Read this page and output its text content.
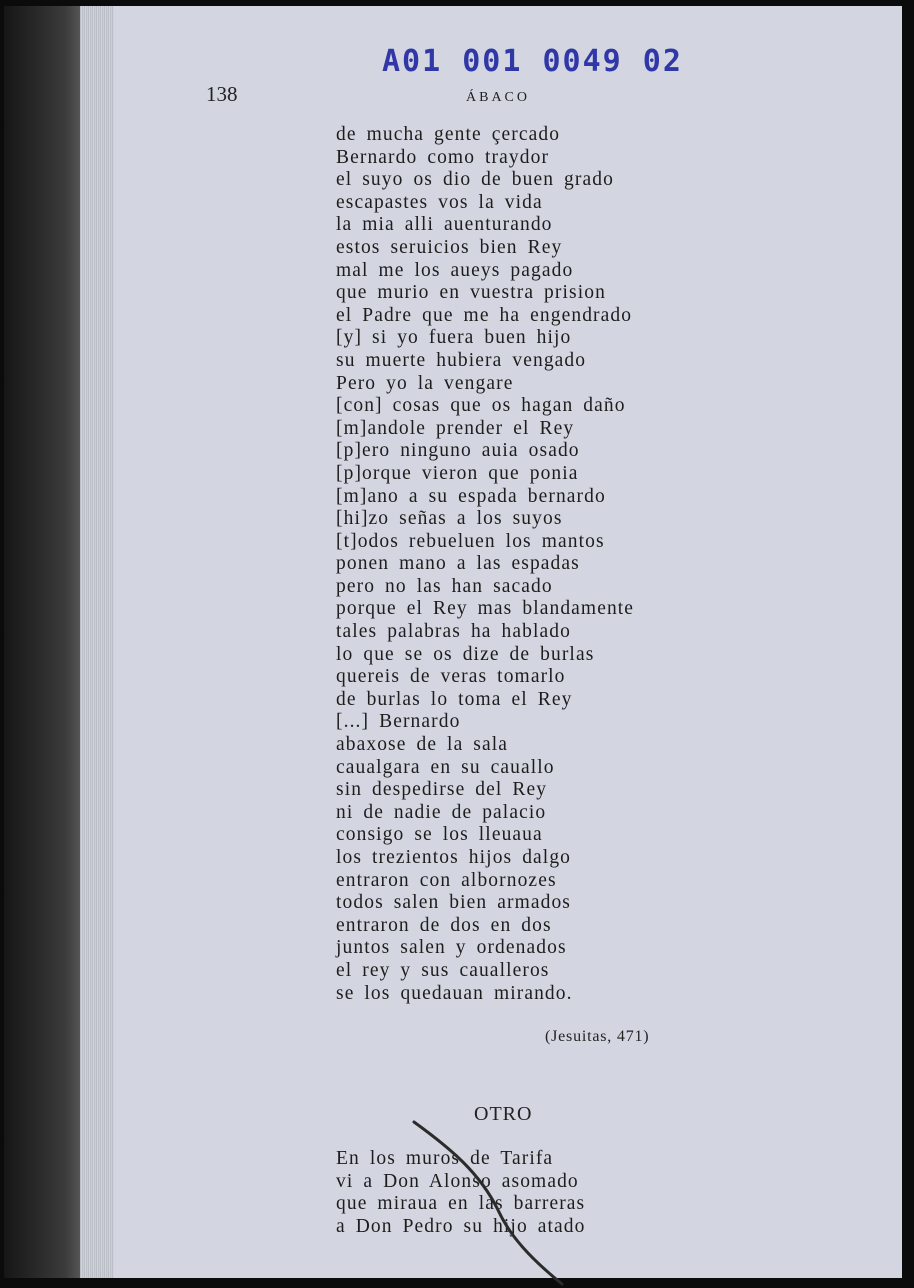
A01 001 0049 02
138	ÁBACO
de mucha gente çercado
Bernardo como traydor
el suyo os dio de buen grado
escapastes vos la vida
la mia alli auenturando
estos seruicios bien Rey
mal me los aueys pagado
que murio en vuestra prision
el Padre que me ha engendrado
[y] si yo fuera buen hijo
su muerte hubiera vengado
Pero yo la vengare
[con] cosas que os hagan daño
[m]andole prender el Rey
[p]ero ninguno auia osado
[p]orque vieron que ponia
[m]ano a su espada bernardo
[hi]zo señas a los suyos
[t]odos rebueluen los mantos
ponen mano a las espadas
pero no las han sacado
porque el Rey mas blandamente
tales palabras ha hablado
lo que se os dize de burlas
quereis de veras tomarlo
de burlas lo toma el Rey
[...] Bernardo
abaxose de la sala
caualgara en su cauallo
sin despedirse del Rey
ni de nadie de palacio
consigo se los lleuaua
los trezientos hijos dalgo
entraron con albornozes
todos salen bien armados
entraron de dos en dos
juntos salen y ordenados
el rey y sus caualleros
se los quedauan mirando.
(Jesuitas, 471)
OTRO
En los muros de Tarifa
vi a Don Alonso asomado
que miraua en las barreras
a Don Pedro su hijo atado
